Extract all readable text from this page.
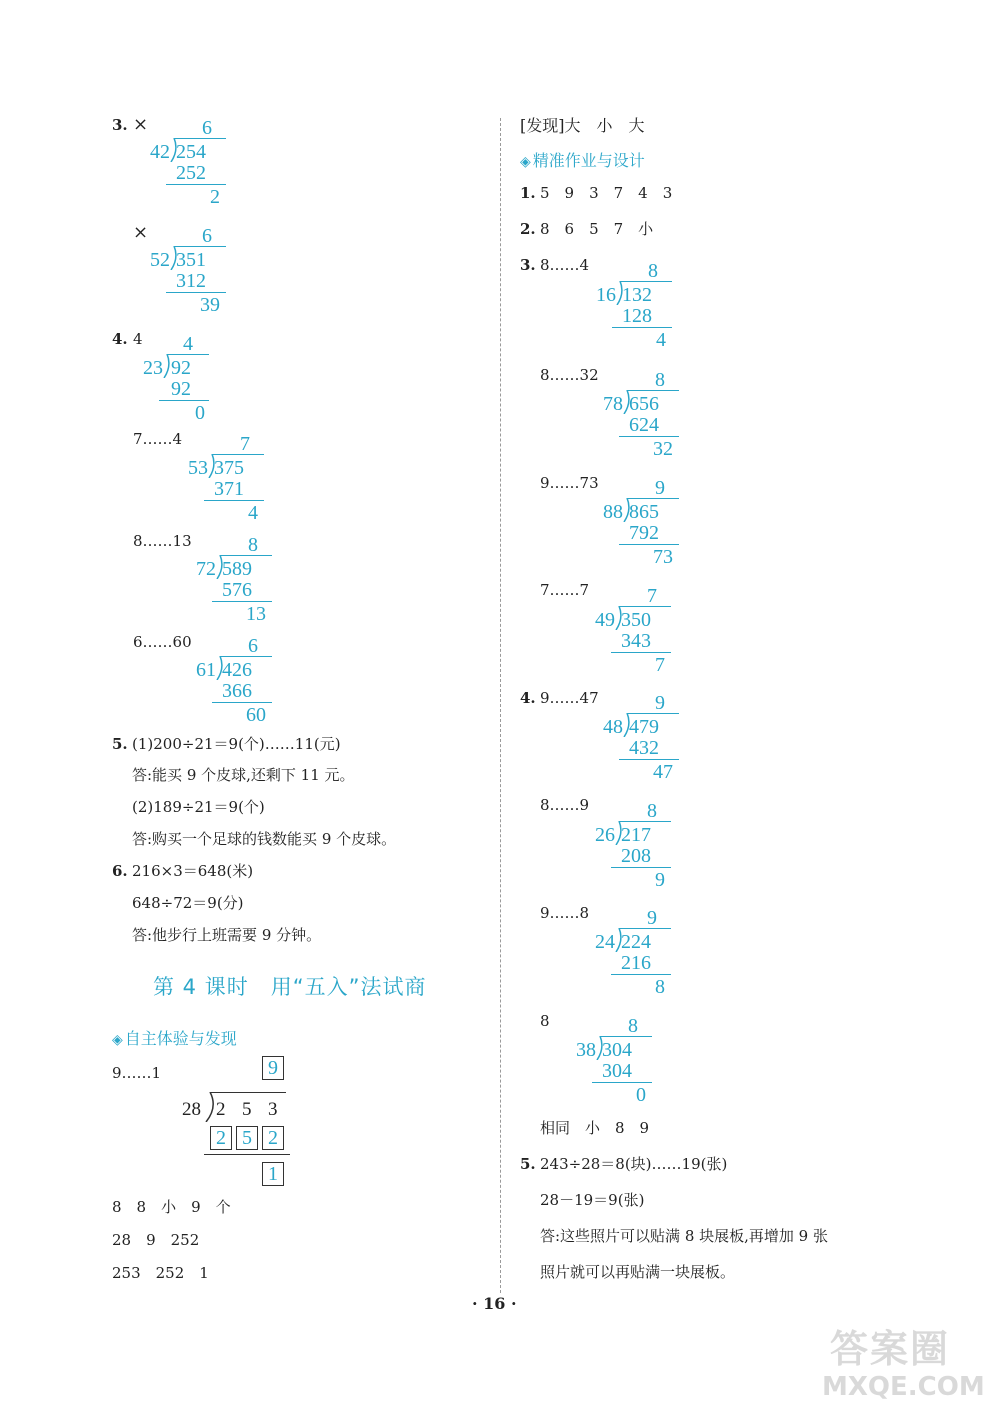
3. ×	6
42 254
252
2
×	6
52 351
312
39
4. 4 4
23 92
92
0
7……4	7
53 375
371
4
8……13	8
72 589
576
13
6……60	6
61 426
366
60
5. (1)200÷21＝9(个)……11(元)
答:能买 9 个皮球,还剩下 11 元。
(2)189÷21＝9(个)
答:购买一个足球的钱数能买 9 个皮球。
6. 216×3＝648(米)
648÷72＝9(分)
答:他步行上班需要 9 分钟。
第 4 课时　用“五入”法试商
◈ 自主体验与发现
9……1	9
28 2 5 3
2 5 2
1
8　8　小　9　个
28　9　252
253　252　1
[发现]大　小　大
◈ 精准作业与设计
1. 5　9　3　7　4　3
2. 8　6　5　7　小
3. 8……4	8
16 132
128
4
8……32	8
78 656
624
32
9……73	9
88 865
792
73
7……7	7
49 350
343
7
4. 9……47	9
48 479
432
47
8……9	8
26 217
208
9
9……8	9
24 224
216
8
8	8
38 304
304
0
相同　小　8　9
5. 243÷28＝8(块)……19(张)
28－19＝9(张)
答:这些照片可以贴满 8 块展板,再增加 9 张
照片就可以再贴满一块展板。
· 16 ·
答案圈
MXQE.COM
